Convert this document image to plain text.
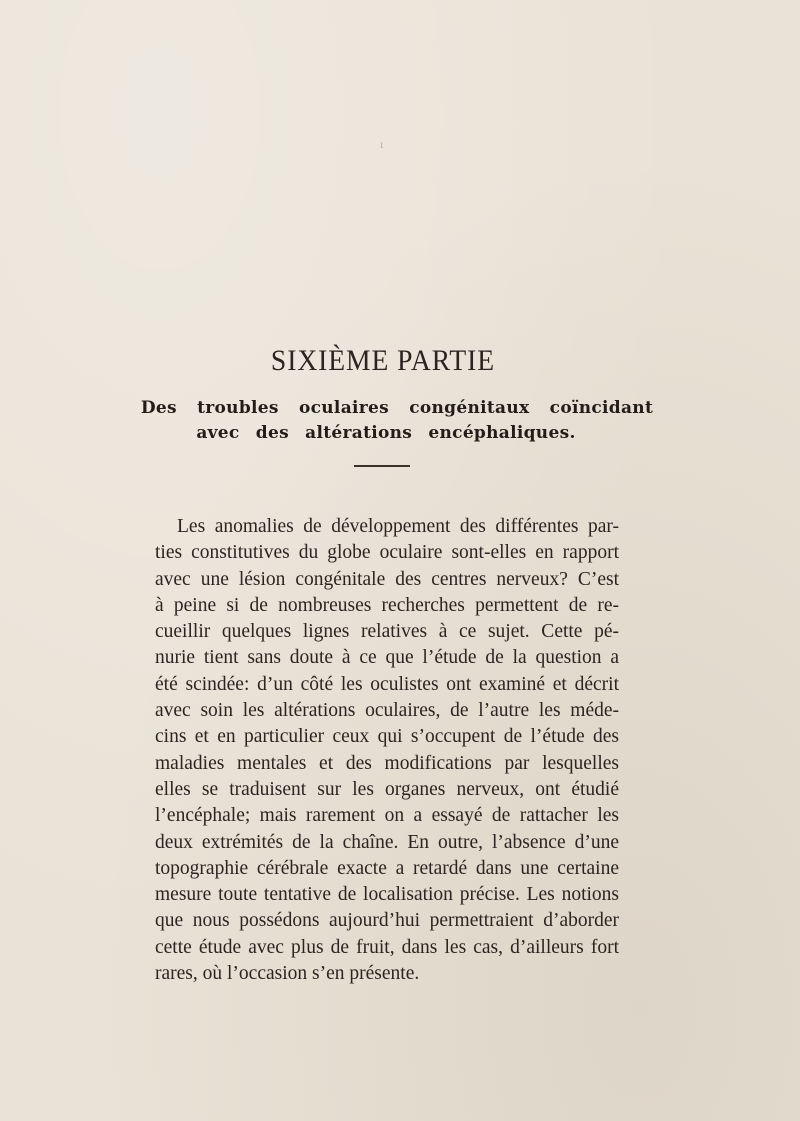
ı
SIXIÈME PARTIE
Des troubles oculaires congénitaux coïncidant
avec des altérations encéphaliques.
Les anomalies de développement des différentes par-
ties constitutives du globe oculaire sont-elles en rapport
avec une lésion congénitale des centres nerveux? C’est
à peine si de nombreuses recherches permettent de re-
cueillir quelques lignes relatives à ce sujet. Cette pé-
nurie tient sans doute à ce que l’étude de la question a
été scindée: d’un côté les oculistes ont examiné et décrit
avec soin les altérations oculaires, de l’autre les méde-
cins et en particulier ceux qui s’occupent de l’étude des
maladies mentales et des modifications par lesquelles
elles se traduisent sur les organes nerveux, ont étudié
l’encéphale; mais rarement on a essayé de rattacher les
deux extrémités de la chaîne. En outre, l’absence d’une
topographie cérébrale exacte a retardé dans une certaine
mesure toute tentative de localisation précise. Les notions
que nous possédons aujourd’hui permettraient d’aborder
cette étude avec plus de fruit, dans les cas, d’ailleurs fort
rares, où l’occasion s’en présente.
